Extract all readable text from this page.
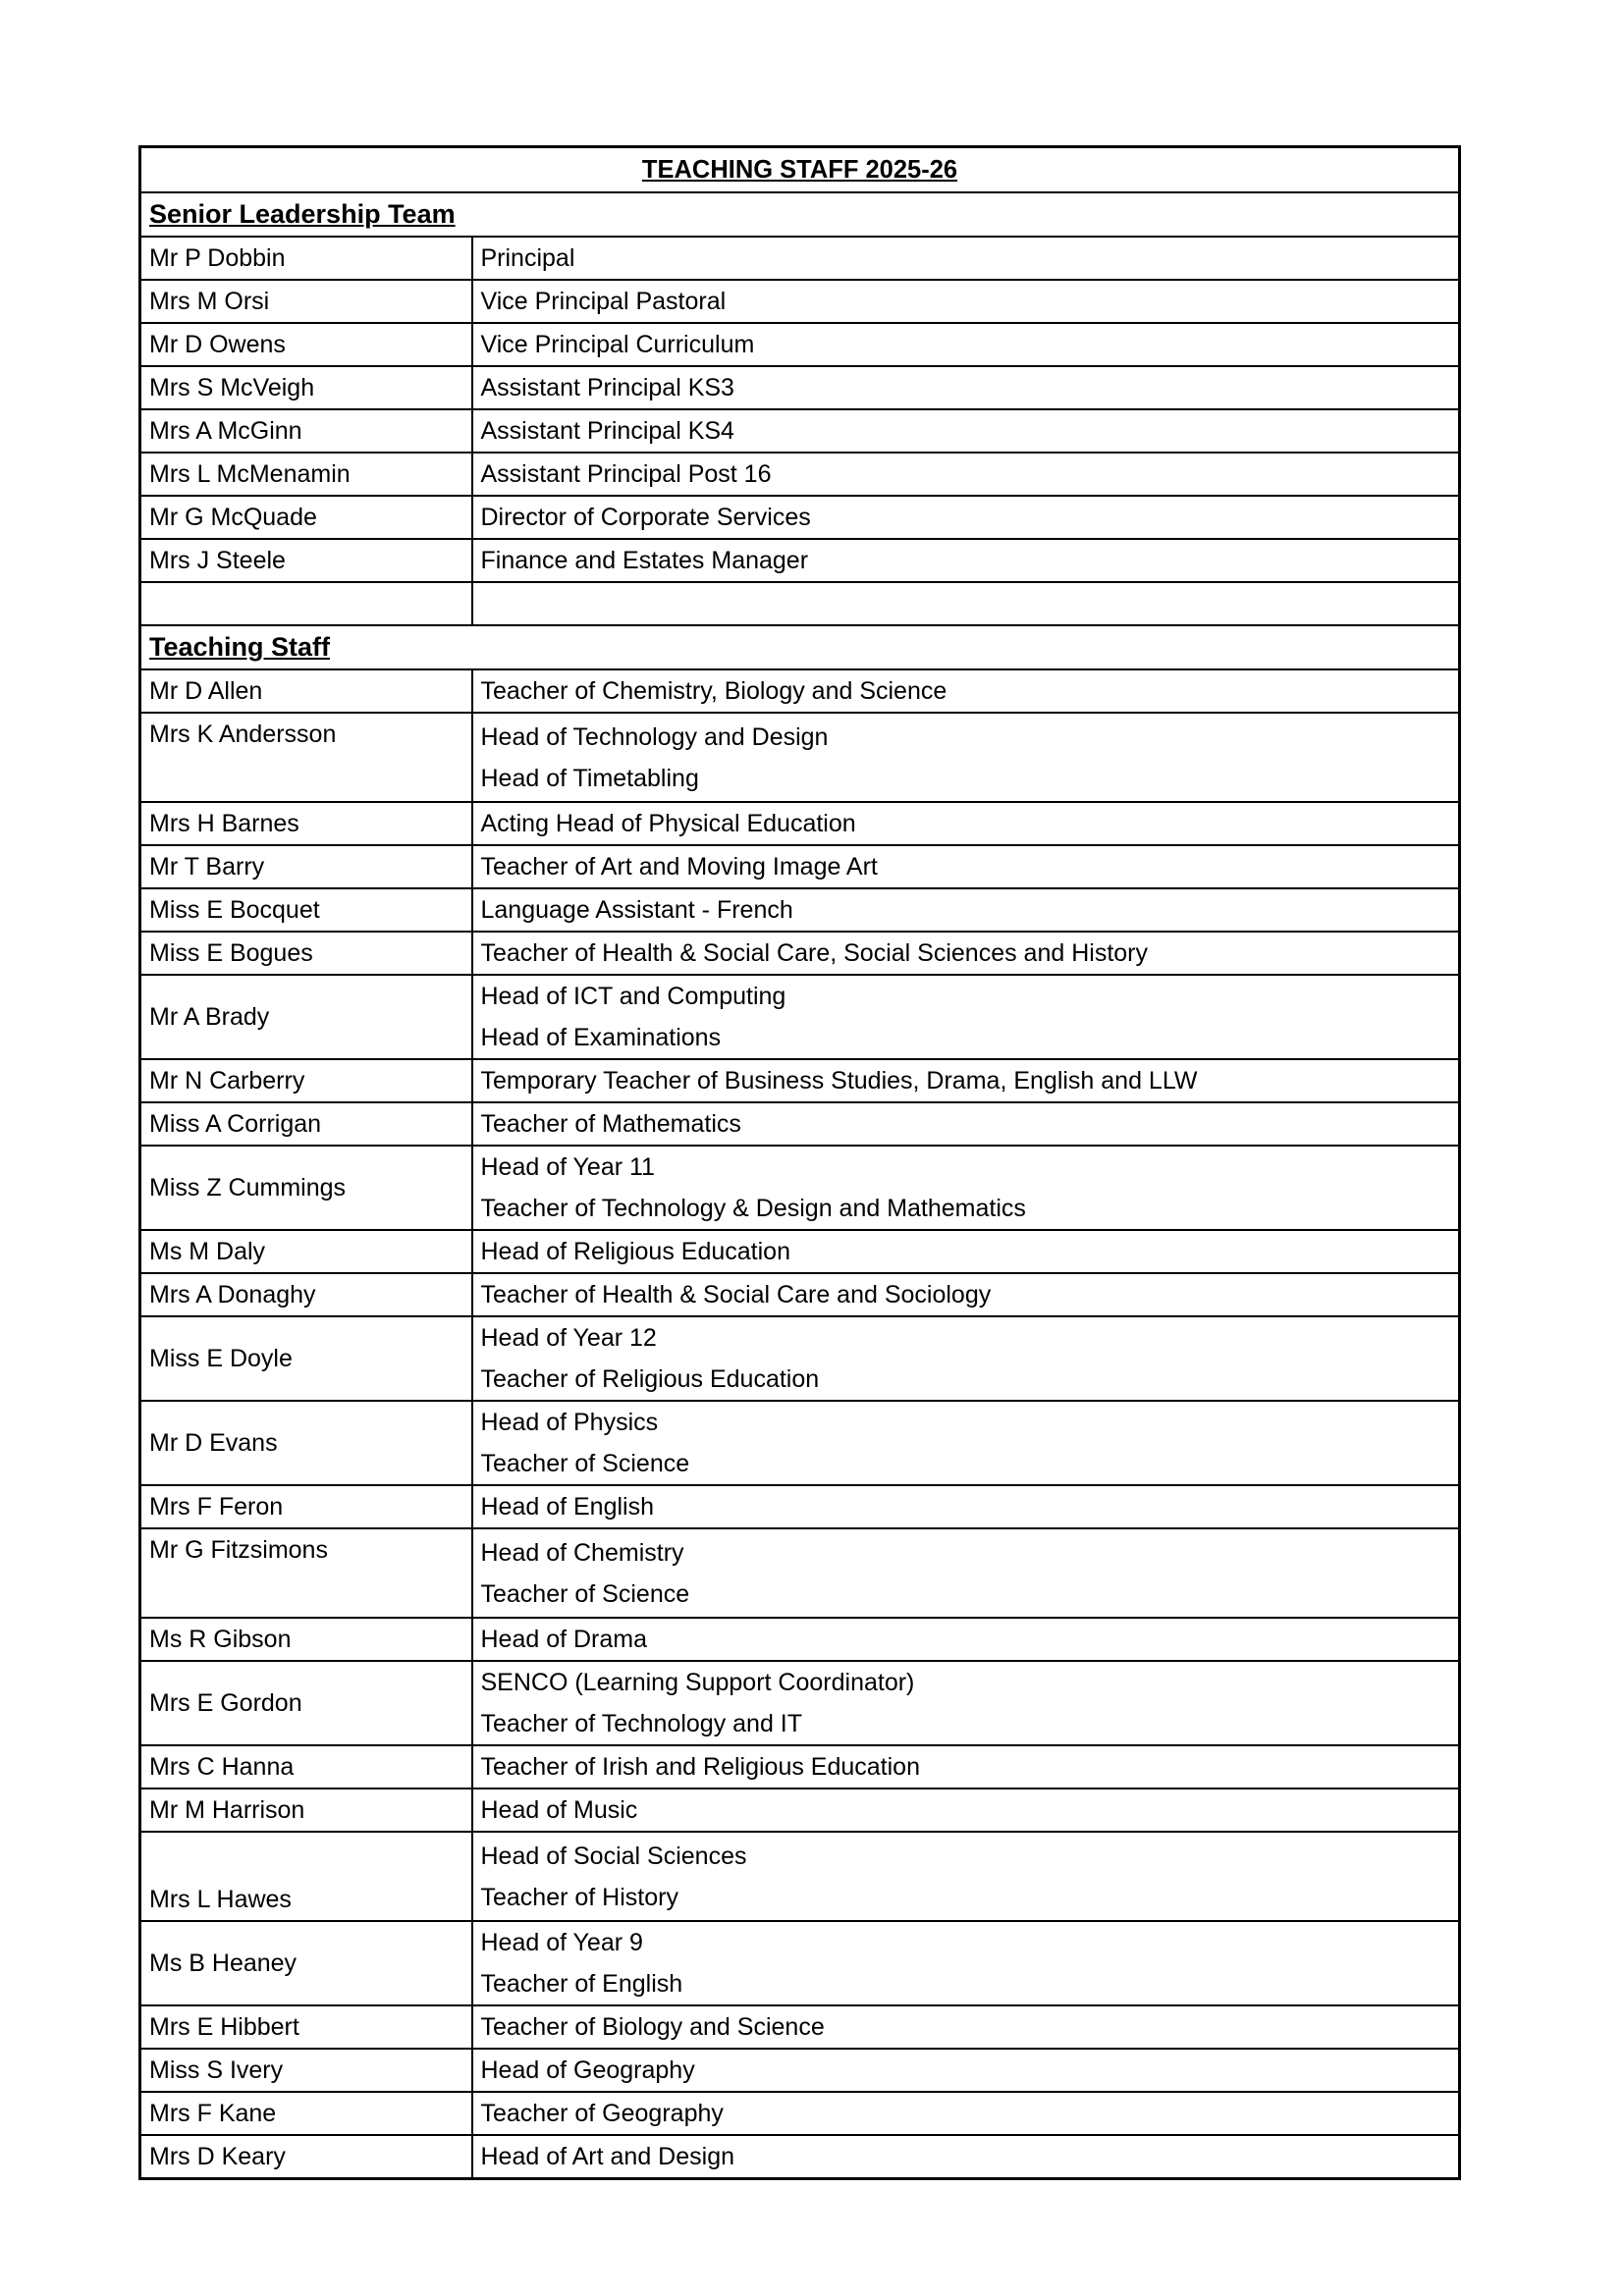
TEACHING STAFF 2025-26	
Senior Leadership Team	
Mr P Dobbin	Principal
Mrs M Orsi	Vice Principal Pastoral
Mr D Owens	Vice Principal Curriculum
Mrs S McVeigh	Assistant Principal KS3
Mrs A McGinn	Assistant Principal KS4
Mrs L McMenamin	Assistant Principal Post 16
Mr G McQuade	Director of Corporate Services
Mrs J Steele	Finance and Estates Manager

Teaching Staff	
Mr D Allen	Teacher of Chemistry, Biology and Science
Mrs K Andersson	Head of Technology and Design
Head of Timetabling

Mrs H Barnes	Acting Head of Physical Education
Mr T Barry	Teacher of Art and Moving Image Art
Miss E Bocquet	Language Assistant - French
Miss E Bogues	Teacher of Health & Social Care, Social Sciences and History
Mr A Brady	Head of ICT and Computing
Head of Examinations

Mr N Carberry	Temporary Teacher of Business Studies, Drama, English and LLW
Miss A Corrigan	Teacher of Mathematics
Miss Z Cummings	Head of Year 11
Teacher of Technology & Design and Mathematics

Ms M Daly	Head of Religious Education
Mrs A Donaghy	Teacher of Health & Social Care and Sociology
Miss E Doyle	Head of Year 12
Teacher of Religious Education

Mr D Evans	Head of Physics
Teacher of Science

Mrs F Feron	Head of English
Mr G Fitzsimons	Head of Chemistry
Teacher of Science

Ms R Gibson	Head of Drama
Mrs E Gordon	SENCO (Learning Support Coordinator)
Teacher of Technology and IT

Mrs C Hanna	Teacher of Irish and Religious Education
Mr M Harrison	Head of Music
Mrs L Hawes	Head of Social Sciences
Teacher of History

Ms B Heaney	Head of Year 9
Teacher of English

Mrs E Hibbert	Teacher of Biology and Science
Miss S Ivery	Head of Geography
Mrs F Kane	Teacher of Geography
Mrs D Keary	Head of Art and Design
